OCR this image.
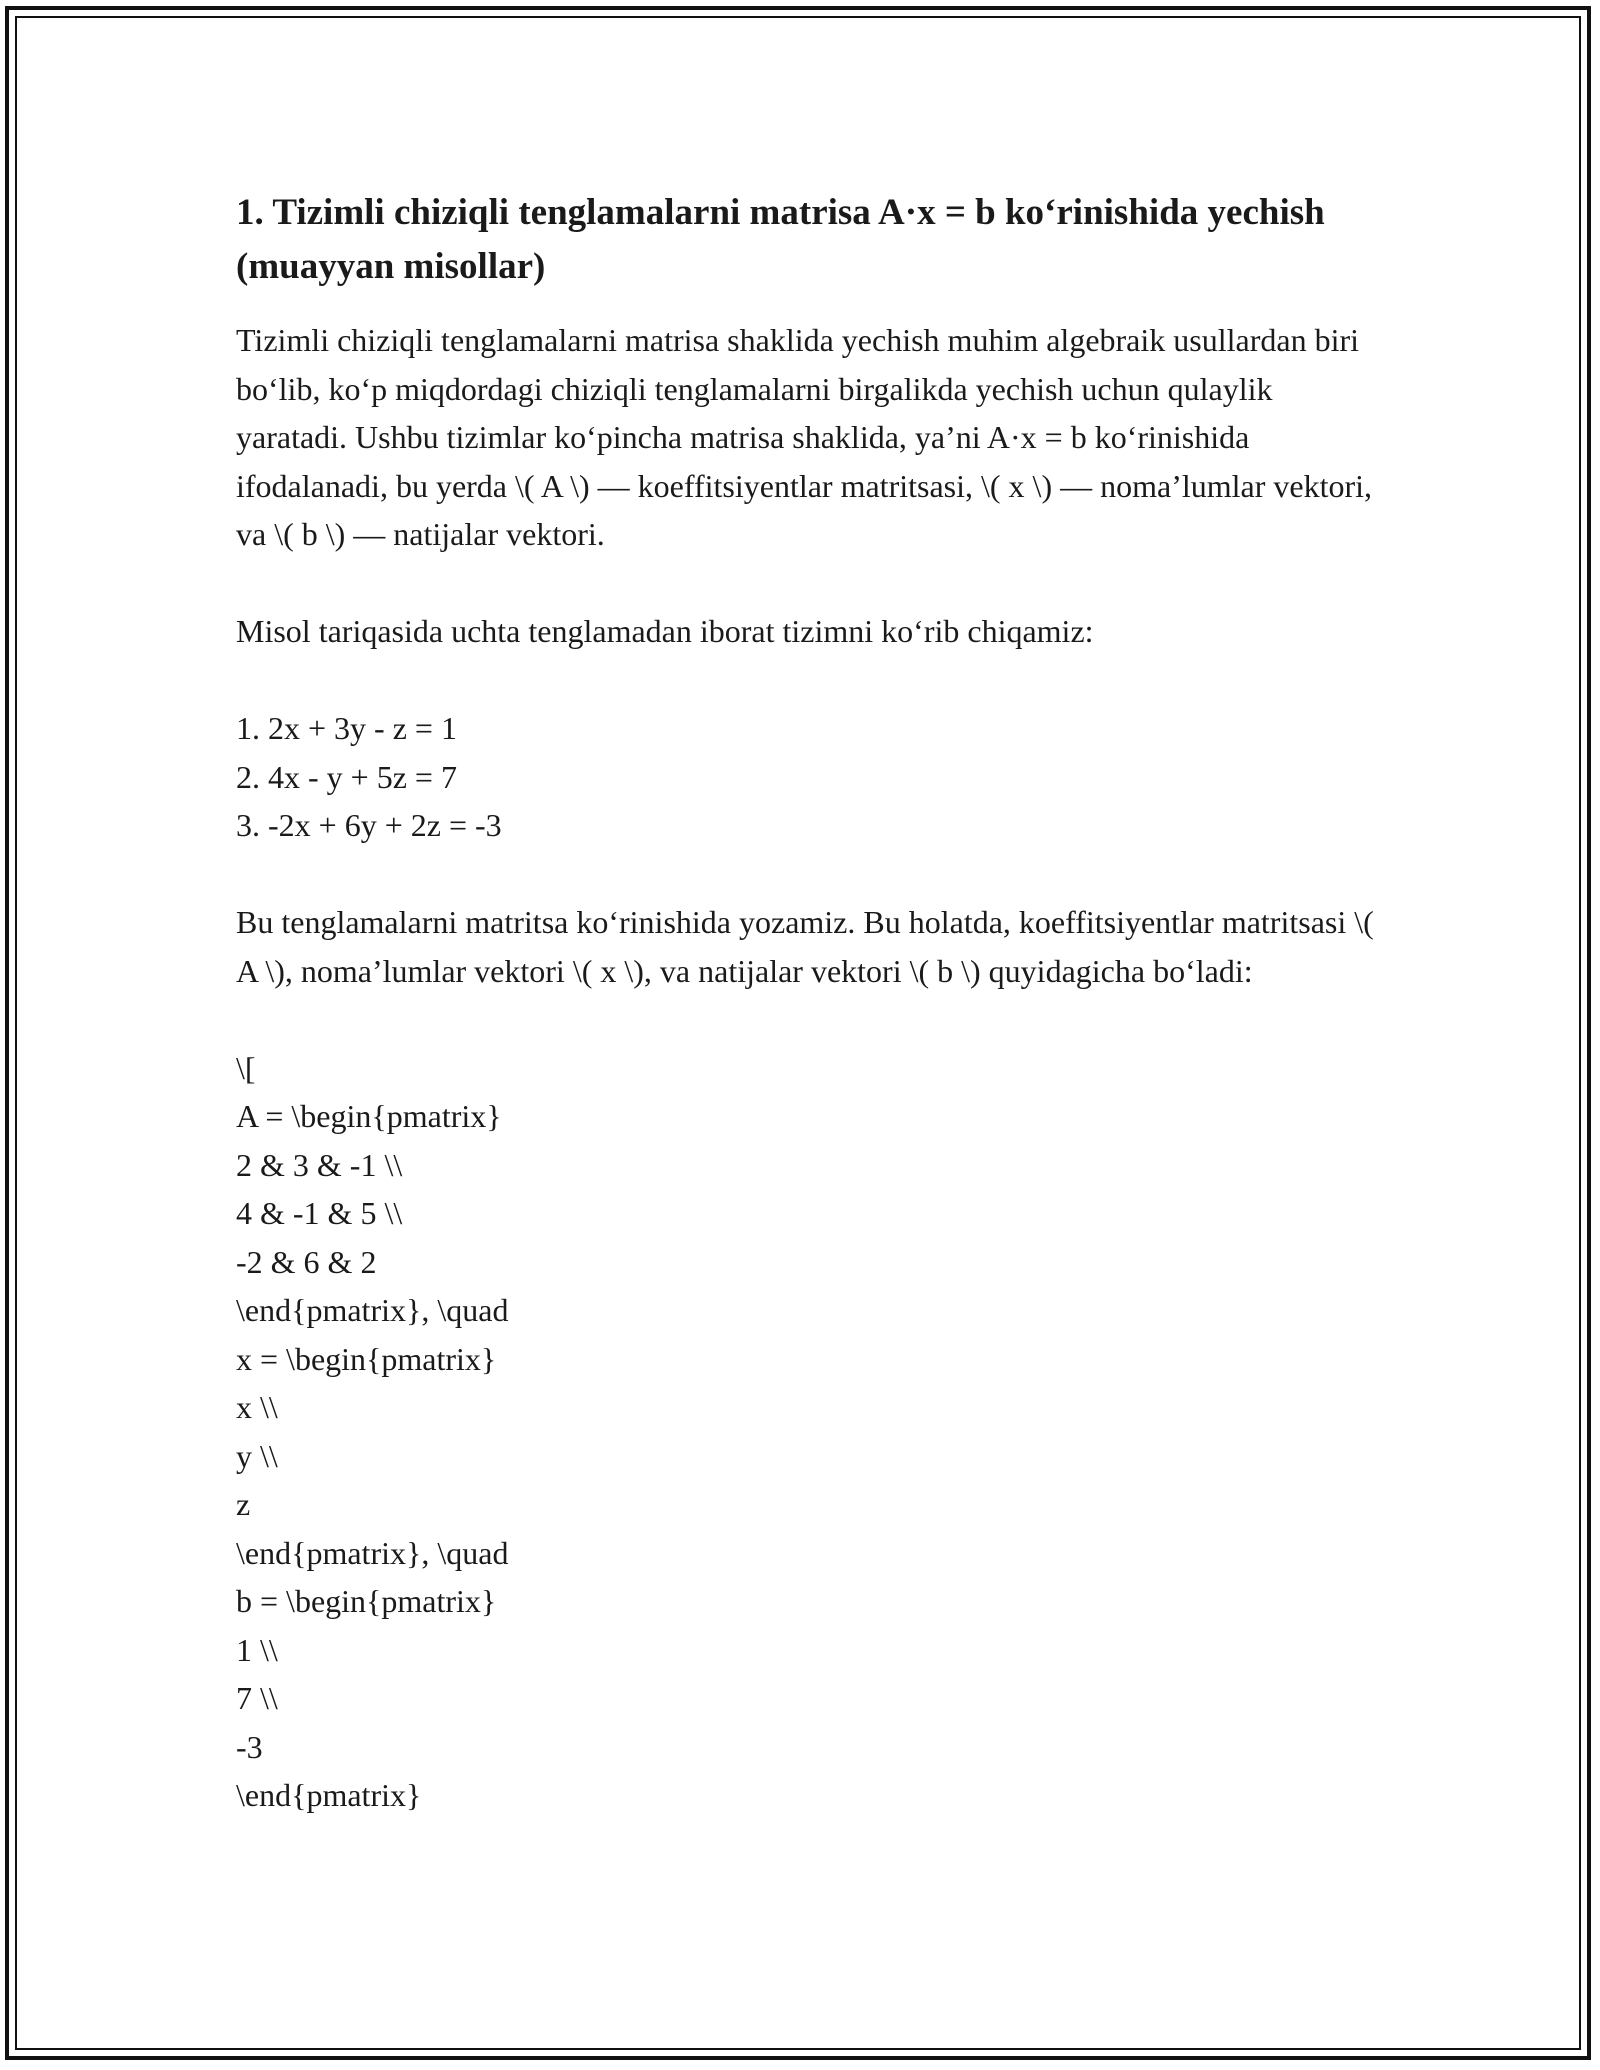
1. Tizimli chiziqli tenglamalarni matrisa A·x = b ko‘rinishida yechish (muayyan misollar)

Tizimli chiziqli tenglamalarni matrisa shaklida yechish muhim algebraik usullardan biri bo‘lib, ko‘p miqdordagi chiziqli tenglamalarni birgalikda yechish uchun qulaylik yaratadi. Ushbu tizimlar ko‘pincha matrisa shaklida, ya’ni A·x = b ko‘rinishida ifodalanadi, bu yerda \( A \) — koeffitsiyentlar matritsasi, \( x \) — noma’lumlar vektori, va \( b \) — natijalar vektori.

Misol tariqasida uchta tenglamadan iborat tizimni ko‘rib chiqamiz:

1. 2x + 3y - z = 1
2. 4x - y + 5z = 7
3. -2x + 6y + 2z = -3

Bu tenglamalarni matritsa ko‘rinishida yozamiz. Bu holatda, koeffitsiyentlar matritsasi \( A \), noma’lumlar vektori \( x \), va natijalar vektori \( b \) quyidagicha bo‘ladi:

\[
A = \begin{pmatrix}
2 & 3 & -1 \\
4 & -1 & 5 \\
-2 & 6 & 2
\end{pmatrix}, \quad
x = \begin{pmatrix}
x \\
y \\
z
\end{pmatrix}, \quad
b = \begin{pmatrix}
1 \\
7 \\
-3
\end{pmatrix}
